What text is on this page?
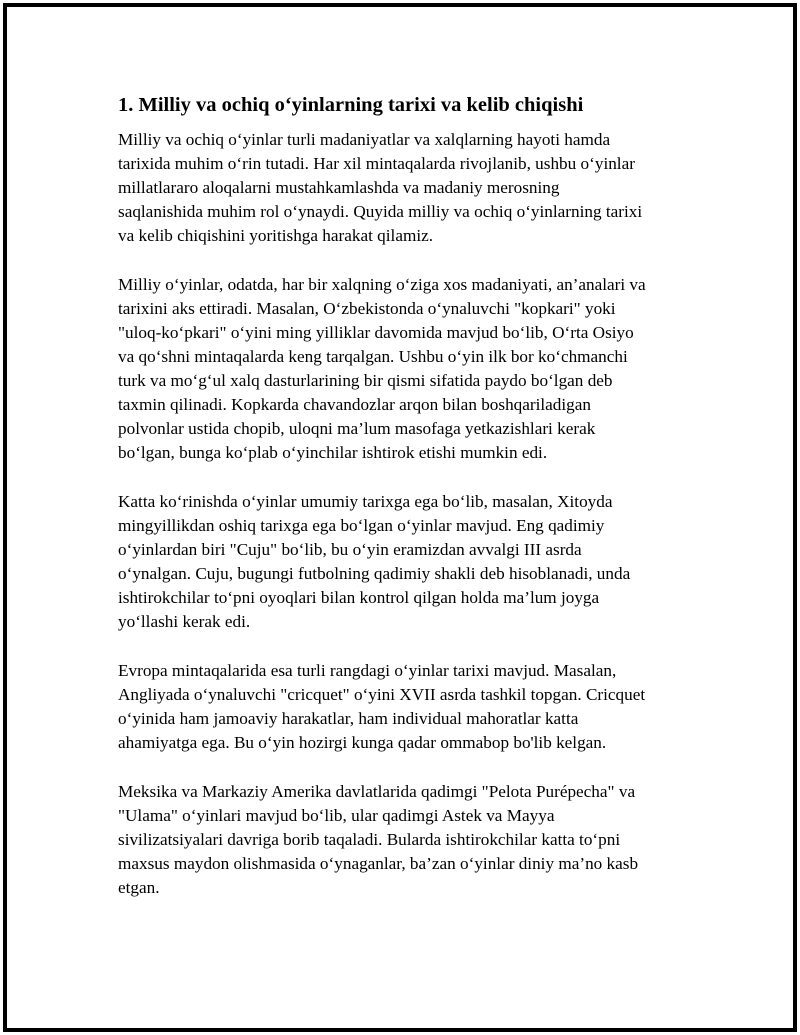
1. Milliy va ochiq o‘yinlarning tarixi va kelib chiqishi
Milliy va ochiq o‘yinlar turli madaniyatlar va xalqlarning hayoti hamda
tarixida muhim o‘rin tutadi. Har xil mintaqalarda rivojlanib, ushbu o‘yinlar
millatlararo aloqalarni mustahkamlashda va madaniy merosning
saqlanishida muhim rol o‘ynaydi. Quyida milliy va ochiq o‘yinlarning tarixi
va kelib chiqishini yoritishga harakat qilamiz.
Milliy o‘yinlar, odatda, har bir xalqning o‘ziga xos madaniyati, an’analari va
tarixini aks ettiradi. Masalan, O‘zbekistonda o‘ynaluvchi "kopkari" yoki
"uloq-ko‘pkari" o‘yini ming yilliklar davomida mavjud bo‘lib, O‘rta Osiyo
va qo‘shni mintaqalarda keng tarqalgan. Ushbu o‘yin ilk bor ko‘chmanchi
turk va mo‘g‘ul xalq dasturlarining bir qismi sifatida paydo bo‘lgan deb
taxmin qilinadi. Kopkarda chavandozlar arqon bilan boshqariladigan
polvonlar ustida chopib, uloqni ma’lum masofaga yetkazishlari kerak
bo‘lgan, bunga ko‘plab o‘yinchilar ishtirok etishi mumkin edi.
Katta ko‘rinishda o‘yinlar umumiy tarixga ega bo‘lib, masalan, Xitoyda
mingyillikdan oshiq tarixga ega bo‘lgan o‘yinlar mavjud. Eng qadimiy
o‘yinlardan biri "Cuju" bo‘lib, bu o‘yin eramizdan avvalgi III asrda
o‘ynalgan. Cuju, bugungi futbolning qadimiy shakli deb hisoblanadi, unda
ishtirokchilar to‘pni oyoqlari bilan kontrol qilgan holda ma’lum joyga
yo‘llashi kerak edi.
Evropa mintaqalarida esa turli rangdagi o‘yinlar tarixi mavjud. Masalan,
Angliyada o‘ynaluvchi "cricquet" o‘yini XVII asrda tashkil topgan. Cricquet
o‘yinida ham jamoaviy harakatlar, ham individual mahoratlar katta
ahamiyatga ega. Bu o‘yin hozirgi kunga qadar ommabop bo'lib kelgan.
Meksika va Markaziy Amerika davlatlarida qadimgi "Pelota Purépecha" va
"Ulama" o‘yinlari mavjud bo‘lib, ular qadimgi Astek va Mayya
sivilizatsiyalari davriga borib taqaladi. Bularda ishtirokchilar katta to‘pni
maxsus maydon olishmasida o‘ynaganlar, ba’zan o‘yinlar diniy ma’no kasb
etgan.
